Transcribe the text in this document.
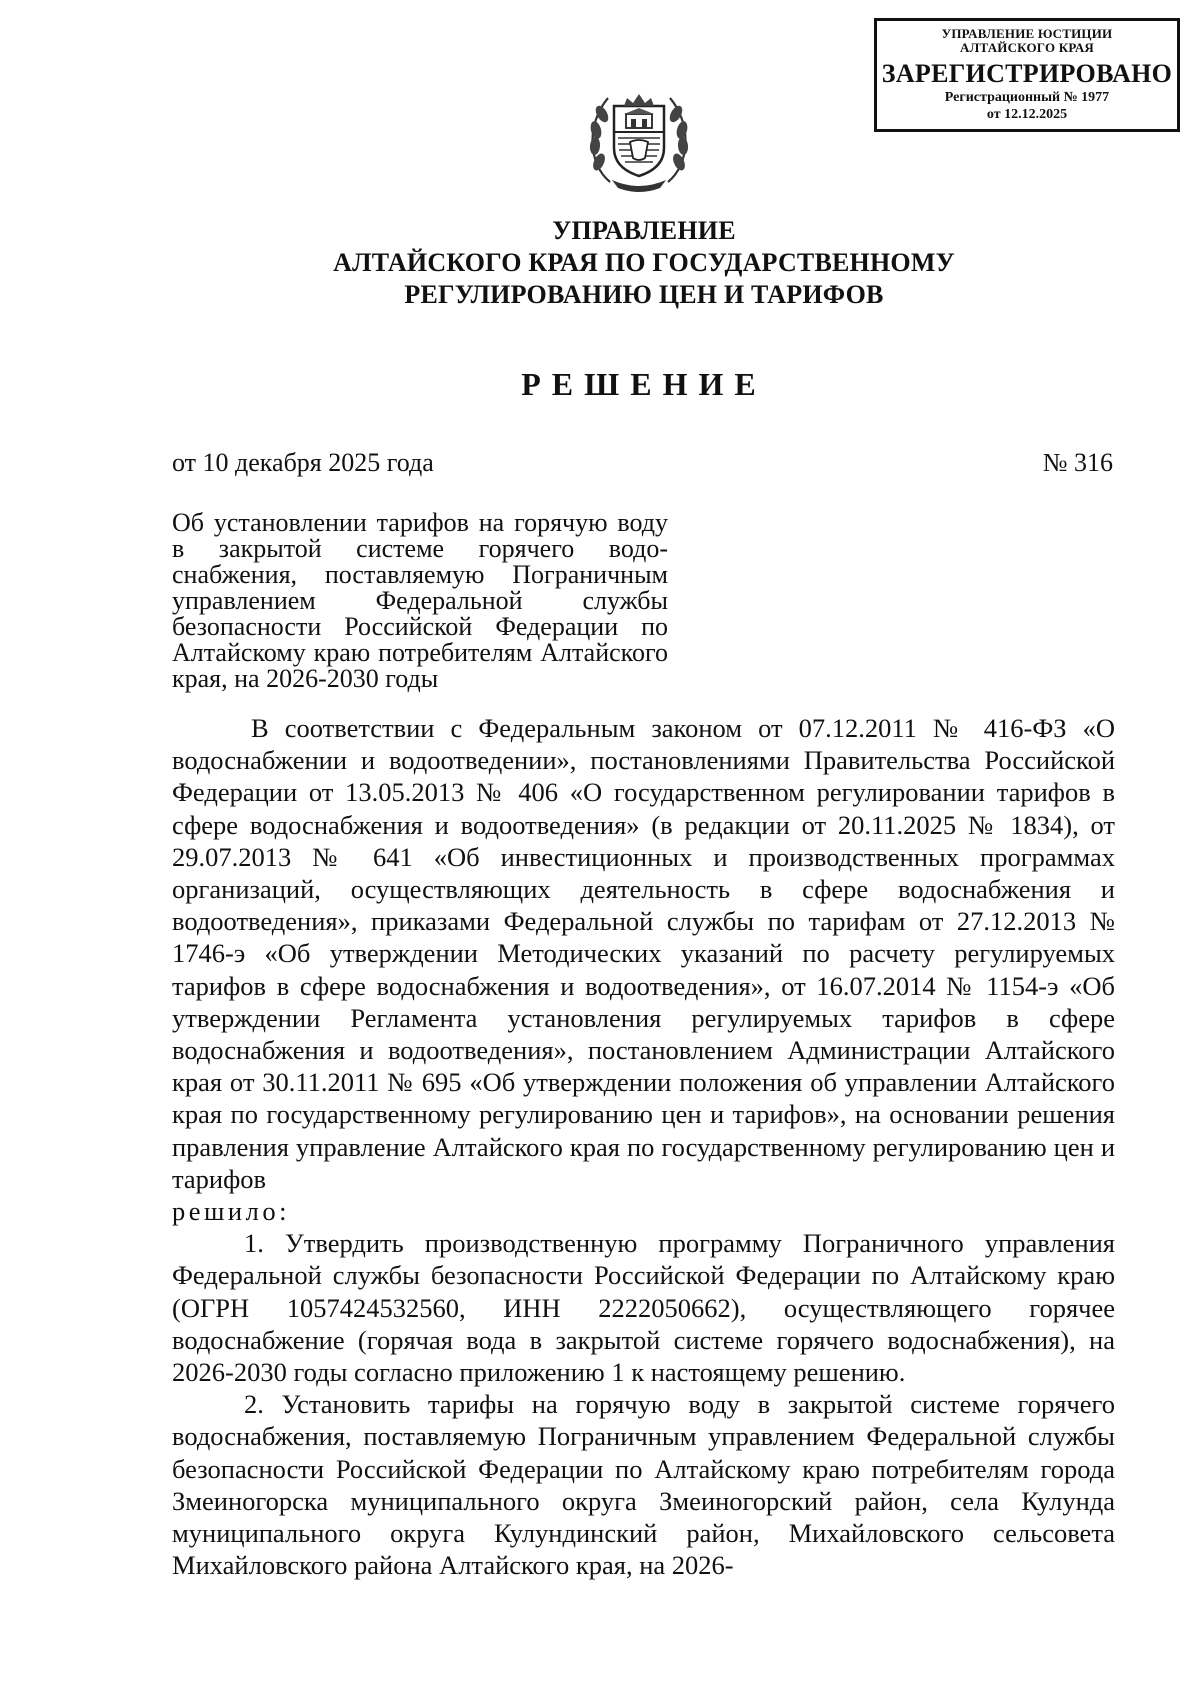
УПРАВЛЕНИЕ ЮСТИЦИИ
АЛТАЙСКОГО КРАЯ
ЗАРЕГИСТРИРОВАНО
Регистрационный № 1977
от 12.12.2025
УПРАВЛЕНИЕ
АЛТАЙСКОГО КРАЯ ПО ГОСУДАРСТВЕННОМУ
РЕГУЛИРОВАНИЮ ЦЕН И ТАРИФОВ
РЕШЕНИЕ
от 10 декабря 2025 года	№ 316
Об установлении тарифов на горячую воду в закрытой системе горячего водоснабжения, поставляемую Пограничным управлением Федеральной службы безопасности Российской Федерации по Алтайскому краю потребителям Алтайского края, на 2026-2030 годы

В соответствии с Федеральным законом от 07.12.2011 № 416-ФЗ «О водоснабжении и водоотведении», постановлениями Правительства Российской Федерации от 13.05.2013 № 406 «О государственном регулировании тарифов в сфере водоснабжения и водоотведения» (в редакции от 20.11.2025 № 1834), от 29.07.2013 № 641 «Об инвестиционных и производственных программах организаций, осуществляющих деятельность в сфере водоснабжения и водоотведения», приказами Федеральной службы по тарифам от 27.12.2013 № 1746-э «Об утверждении Методических указаний по расчету регулируемых тарифов в сфере водоснабжения и водоотведения», от 16.07.2014 № 1154-э «Об утверждении Регламента установления регулируемых тарифов в сфере водоснабжения и водоотведения», постановлением Администрации Алтайского края от 30.11.2011 № 695 «Об утверждении положения об управлении Алтайского края по государственному регулированию цен и тарифов», на основании решения правления управление Алтайского края по государственному регулированию цен и тарифов

решило:

1. Утвердить производственную программу Пограничного управления Федеральной службы безопасности Российской Федерации по Алтайскому краю (ОГРН 1057424532560, ИНН 2222050662), осуществляющего горячее водоснабжение (горячая вода в закрытой системе горячего водоснабжения), на 2026-2030 годы согласно приложению 1 к настоящему решению.

2. Установить тарифы на горячую воду в закрытой системе горячего водоснабжения, поставляемую Пограничным управлением Федеральной службы безопасности Российской Федерации по Алтайскому краю потребителям города Змеиногорска муниципального округа Змеиногорский район, села Кулунда муниципального округа Кулундинский район, Михайловского сельсовета Михайловского района Алтайского края, на 2026-
